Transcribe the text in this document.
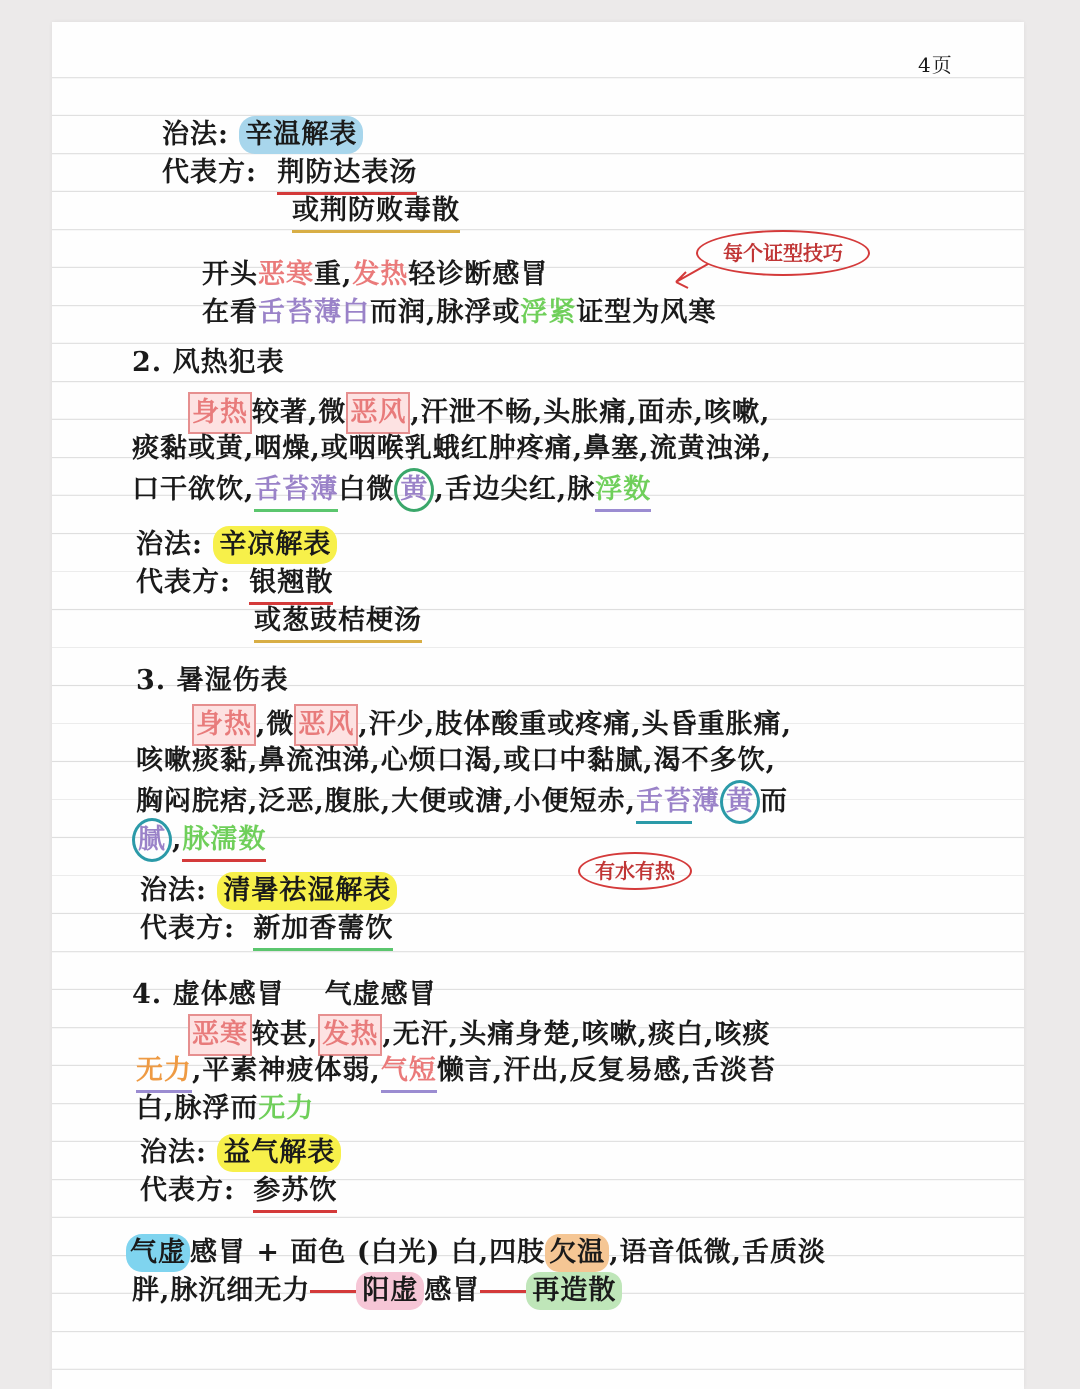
4页
治法: 辛温解表
代表方: 荆防达表汤
或荆防败毒散
开头恶寒重,发热轻诊断感冒
在看舌苔薄白而润,脉浮或浮紧证型为风寒
每个证型技巧
2. 风热犯表
身热 较著,微 恶风 ,汗泄不畅,头胀痛,面赤,咳嗽,
痰黏或黄,咽燥,或咽喉乳蛾红肿疼痛,鼻塞,流黄浊涕,
口干欲饮,舌苔薄白微 黄 ,舌边尖红,脉浮数
治法: 辛凉解表
代表方: 银翘散
或葱豉桔梗汤
3. 暑湿伤表
身热 ,微 恶风 ,汗少,肢体酸重或疼痛,头昏重胀痛,
咳嗽痰黏,鼻流浊涕,心烦口渴,或口中黏腻,渴不多饮,
胸闷脘痞,泛恶,腹胀,大便或溏,小便短赤,舌苔薄 黄 而
腻 ,脉濡数
有水有热
治法: 清暑祛湿解表
代表方: 新加香薷饮
4. 虚体感冒 气虚感冒
恶寒 较甚, 发热 ,无汗,头痛身楚,咳嗽,痰白,咳痰
无力,平素神疲体弱,气短懒言,汗出,反复易感,舌淡苔
白,脉浮而无力
治法: 益气解表
代表方: 参苏饮
气虚 感冒 + 面色 (白光) 白,四肢 欠温 ,语音低微,舌质淡
胖,脉沉细无力 阳虚 感冒 再造散
